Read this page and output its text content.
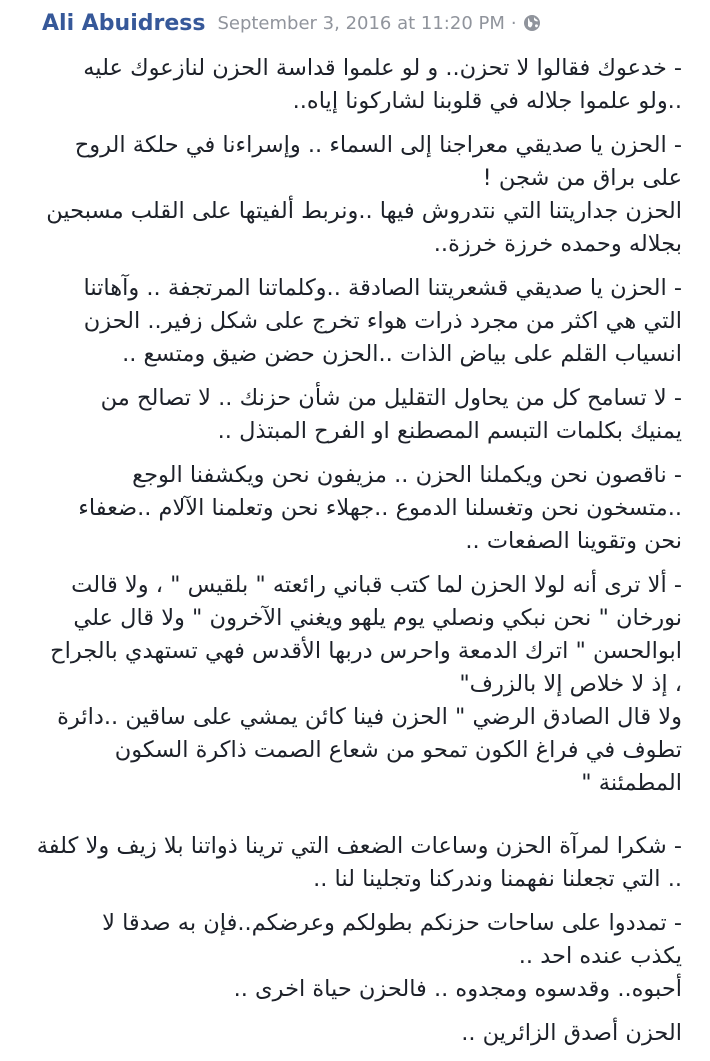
Ali Abuidress September 3, 2016 at 11:20 PM ·
- خدعوك فقالوا لا تحزن.. و لو علموا قداسة الحزن لنازعوك عليه
..ولو علموا جلاله في قلوبنا لشاركونا إياه..
- الحزن يا صديقي معراجنا إلى السماء .. وإسراءنا في حلكة الروح
على براق من شجن !
الحزن جداريتنا التي نتدروش فيها ..ونربط ألفيتها على القلب مسبحين
بجلاله وحمده خرزة خرزة..
- الحزن يا صديقي قشعريتنا الصادقة ..وكلماتنا المرتجفة .. وآهاتنا
التي هي اكثر من مجرد ذرات هواء تخرج على شكل زفير.. الحزن
انسياب القلم على بياض الذات ..الحزن حضن ضيق ومتسع ..
- لا تسامح كل من يحاول التقليل من شأن حزنك .. لا تصالح من
يمنيك بكلمات التبسم المصطنع او الفرح المبتذل ..
- ناقصون نحن ويكملنا الحزن .. مزيفون نحن ويكشفنا الوجع
..متسخون نحن وتغسلنا الدموع ..جهلاء نحن وتعلمنا الآلام ..ضعفاء
نحن وتقوينا الصفعات ..
- ألا ترى أنه لولا الحزن لما كتب قباني رائعته " بلقيس " ، ولا قالت
نورخان " نحن نبكي ونصلي يوم يلهو ويغني الآخرون " ولا قال علي
ابوالحسن " اترك الدمعة واحرس دربها الأقدس فهي تستهدي بالجراح
، إذ لا خلاص إلا بالزرف"
ولا قال الصادق الرضي " الحزن فينا كائن يمشي على ساقين ..دائرة
تطوف في فراغ الكون تمحو من شعاع الصمت ذاكرة السكون
المطمئنة "
- شكرا لمرآة الحزن وساعات الضعف التي ترينا ذواتنا بلا زيف ولا كلفة
.. التي تجعلنا نفهمنا وندركنا وتجلينا لنا ..
- تمددوا على ساحات حزنكم بطولكم وعرضكم..فإن به صدقا لا
يكذب عنده احد ..
أحبوه.. وقدسوه ومجدوه .. فالحزن حياة اخرى ..
الحزن أصدق الزائرين ..
